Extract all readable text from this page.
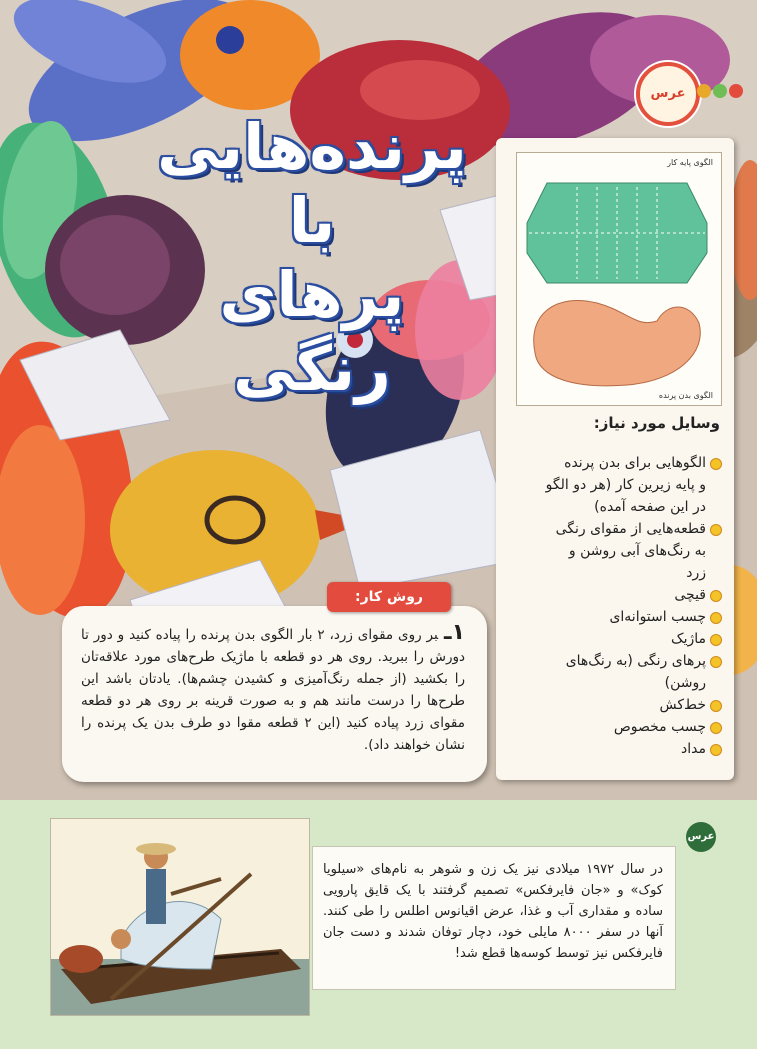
عرس
پرنده‌هایی با
پرهای رنگی
الگوی پایه کار
الگوی بدن پرنده
وسایل مورد نیاز:
الگوهایی برای بدن پرنده
و پایه زیرین کار (هر دو الگو
در این صفحه آمده)
قطعه‌هایی از مقوای رنگی
به رنگ‌های آبی روشن و
زرد
قیچی
چسب استوانه‌ای
ماژیک
پرهای رنگی (به رنگ‌های
روشن)
خط‌کش
چسب مخصوص
مداد
۱ـبر روی مقوای زرد، ۲ بار الگوی بدن پرنده را پیاده کنید و دور تا دورش را ببرید. روی هر دو قطعه با ماژیک طرح‌های مورد علاقه‌تان را بکشید (از جمله رنگ‌آمیزی و کشیدن چشم‌ها). یادتان باشد این طرح‌ها را درست مانند هم و به صورت قرینه بر روی هر دو قطعه مقوای زرد پیاده کنید (این ۲ قطعه مقوا دو طرف بدن یک پرنده را نشان خواهند داد).
روش کار:
در سال ۱۹۷۲ میلادی نیز یک زن و شوهر به نام‌های «سیلویا کوک» و «جان فایرفکس» تصمیم گرفتند با یک قایق پارویی ساده و مقداری آب و غذا، عرض اقیانوس اطلس را طی کنند. آنها در سفر ۸۰۰۰ مایلی خود، دچار توفان شدند و دست جان فایرفکس نیز توسط کوسه‌ها قطع شد!
عرس
